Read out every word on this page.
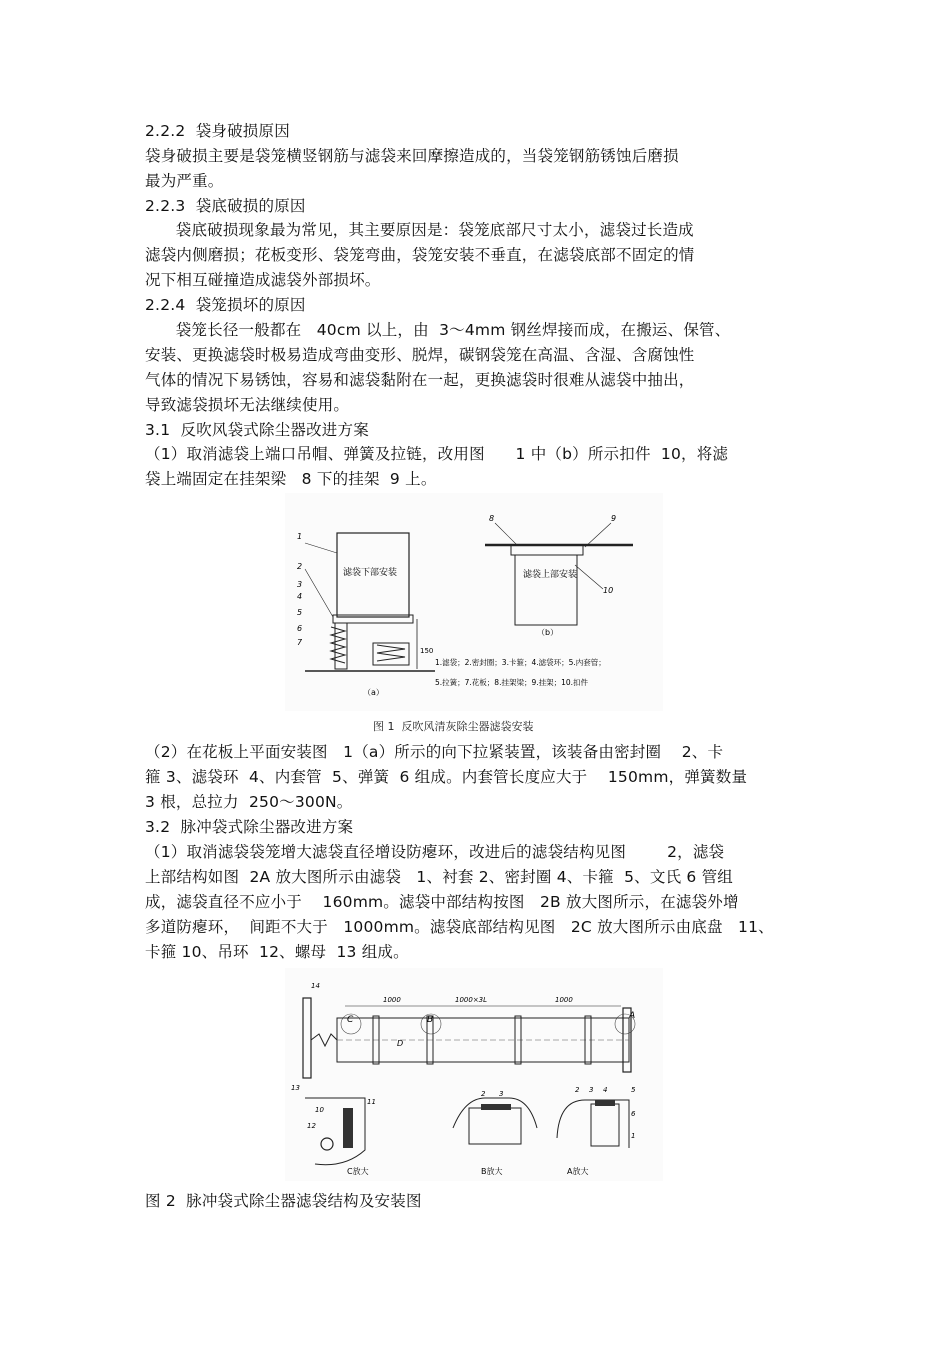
2.2.2  袋身破损原因
袋身破损主要是袋笼横竖钢筋与滤袋来回摩擦造成的，当袋笼钢筋锈蚀后磨损
最为严重。
2.2.3  袋底破损的原因
袋底破损现象最为常见，其主要原因是：袋笼底部尺寸太小，滤袋过长造成
滤袋内侧磨损；花板变形、袋笼弯曲，袋笼安装不垂直，在滤袋底部不固定的情
况下相互碰撞造成滤袋外部损坏。
2.2.4  袋笼损坏的原因
袋笼长径一般都在   40cm 以上，由  3～4mm 钢丝焊接而成，在搬运、保管、
安装、更换滤袋时极易造成弯曲变形、脱焊，碳钢袋笼在高温、含湿、含腐蚀性
气体的情况下易锈蚀，容易和滤袋黏附在一起，更换滤袋时很难从滤袋中抽出，
导致滤袋损坏无法继续使用。
3.1  反吹风袋式除尘器改进方案
（1）取消滤袋上端口吊帽、弹簧及拉链，改用图      1 中（b）所示扣件  10，将滤
袋上端固定在挂架梁   8 下的挂架  9 上。
滤袋下部安装
150
1
2
3
4
5
6
7
（a）
滤袋上部安装
8	9
10
（b）
1.滤袋；2.密封圈；3.卡箍；4.滤袋环；5.内套管；
5.拉簧；7.花板；8.挂架梁；9.挂架；10.扣件
图 1  反吹风清灰除尘器滤袋安装
（2）在花板上平面安装图   1（a）所示的向下拉紧装置，该装备由密封圈    2、卡
箍 3、滤袋环  4、内套管  5、弹簧  6 组成。内套管长度应大于    150mm，弹簧数量
3 根，总拉力  250～300N。
3.2  脉冲袋式除尘器改进方案
（1）取消滤袋袋笼增大滤袋直径增设防瘪环，改进后的滤袋结构见图        2，滤袋
上部结构如图  2A 放大图所示由滤袋   1、衬套 2、密封圈 4、卡箍  5、文氏 6 管组
成，滤袋直径不应小于    160mm。滤袋中部结构按图   2B 放大图所示，在滤袋外增
多道防瘪环，  间距不大于   1000mm。滤袋底部结构见图   2C 放大图所示由底盘   11、
卡箍 10、吊环  12、螺母  13 组成。
1000	1000×3L	1000
C	B	A
D
14
13
10
11
12
C放大
2 3
B放大
2 3 4	5
6
1
A放大
图 2  脉冲袋式除尘器滤袋结构及安装图
